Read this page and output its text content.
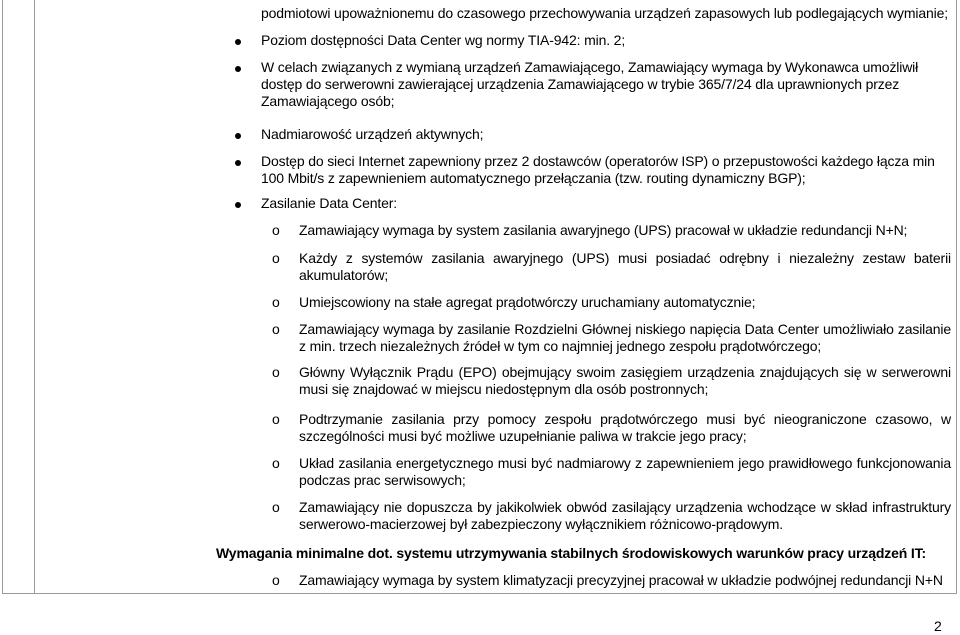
podmiotowi upoważnionemu do czasowego przechowywania urządzeń zapasowych lub podlegających wymianie;
Poziom dostępności Data Center wg normy TIA-942: min. 2;
W celach związanych z wymianą urządzeń Zamawiającego, Zamawiający wymaga by Wykonawca umożliwił dostęp do serwerowni zawierającej urządzenia Zamawiającego w trybie 365/7/24 dla uprawnionych przez Zamawiającego osób;
Nadmiarowość urządzeń aktywnych;
Dostęp do sieci Internet zapewniony przez 2 dostawców (operatorów ISP) o przepustowości każdego łącza min 100 Mbit/s z zapewnieniem automatycznego przełączania (tzw. routing dynamiczny BGP);
Zasilanie Data Center:
o Zamawiający wymaga by system zasilania awaryjnego (UPS) pracował w układzie redundancji N+N;
o Każdy z systemów zasilania awaryjnego (UPS) musi posiadać odrębny i niezależny zestaw baterii akumulatorów;
o Umiejscowiony na stałe agregat prądotwórczy uruchamiany automatycznie;
o Zamawiający wymaga by zasilanie Rozdzielni Głównej niskiego napięcia Data Center umożliwiało zasilanie z min. trzech niezależnych źródeł w tym co najmniej jednego zespołu prądotwórczego;
o Główny Wyłącznik Prądu (EPO) obejmujący swoim zasięgiem urządzenia znajdujących się w serwerowni musi się znajdować w miejscu niedostępnym dla osób postronnych;
o Podtrzymanie zasilania przy pomocy zespołu prądotwórczego musi być nieograniczone czasowo, w szczególności musi być możliwe uzupełnianie paliwa w trakcie jego pracy;
o Układ zasilania energetycznego musi być nadmiarowy z zapewnieniem jego prawidłowego funkcjonowania podczas prac serwisowych;
o Zamawiający nie dopuszcza by jakikolwiek obwód zasilający urządzenia wchodzące w skład infrastruktury serwerowo-macierzowej był zabezpieczony wyłącznikiem różnicowo-prądowym.
Wymagania minimalne dot. systemu utrzymywania stabilnych środowiskowych warunków pracy urządzeń IT:
o Zamawiający wymaga by system klimatyzacji precyzyjnej pracował w układzie podwójnej redundancji N+N
2
